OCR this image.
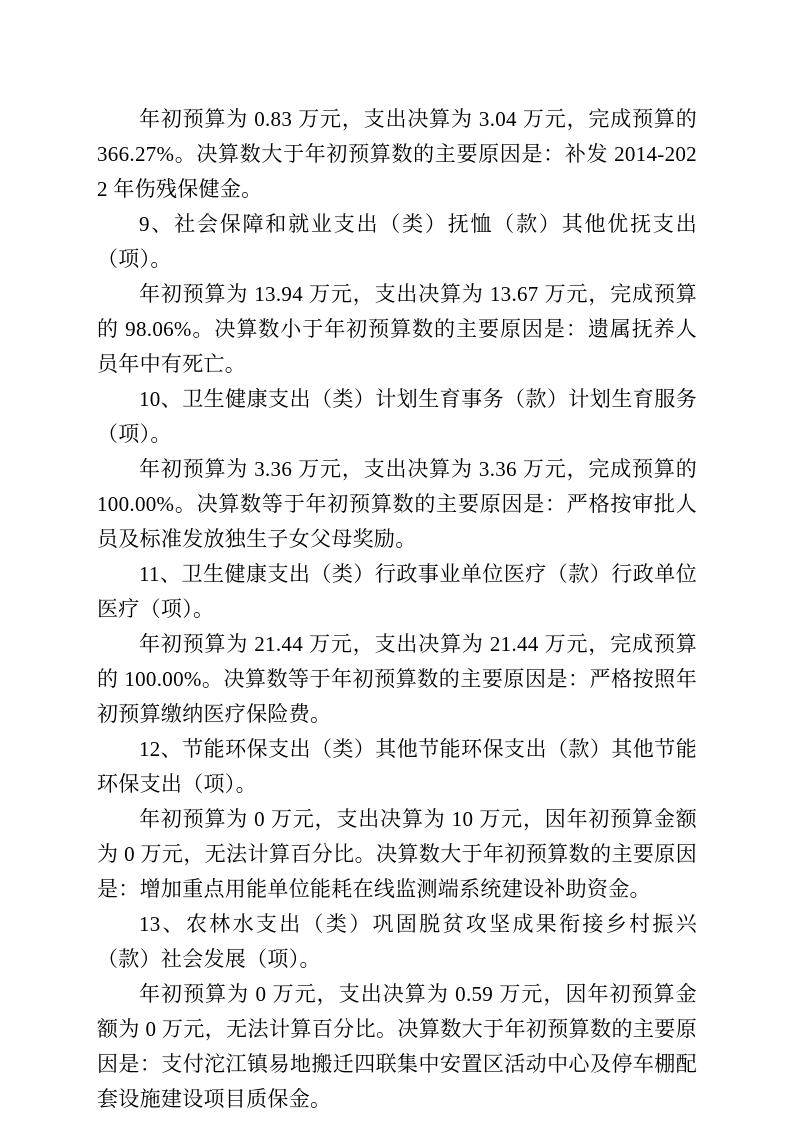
年初预算为 0.83 万元，支出决算为 3.04 万元，完成预算的 366.27%。决算数大于年初预算数的主要原因是：补发 2014-2022 年伤残保健金。

9、社会保障和就业支出（类）抚恤（款）其他优抚支出（项）。

年初预算为 13.94 万元，支出决算为 13.67 万元，完成预算的 98.06%。决算数小于年初预算数的主要原因是：遗属抚养人员年中有死亡。

10、卫生健康支出（类）计划生育事务（款）计划生育服务（项）。

年初预算为 3.36 万元，支出决算为 3.36 万元，完成预算的 100.00%。决算数等于年初预算数的主要原因是：严格按审批人员及标准发放独生子女父母奖励。

11、卫生健康支出（类）行政事业单位医疗（款）行政单位医疗（项）。

年初预算为 21.44 万元，支出决算为 21.44 万元，完成预算的 100.00%。决算数等于年初预算数的主要原因是：严格按照年初预算缴纳医疗保险费。

12、节能环保支出（类）其他节能环保支出（款）其他节能环保支出（项）。

年初预算为 0 万元，支出决算为 10 万元，因年初预算金额为 0 万元，无法计算百分比。决算数大于年初预算数的主要原因是：增加重点用能单位能耗在线监测端系统建设补助资金。

13、农林水支出（类）巩固脱贫攻坚成果衔接乡村振兴（款）社会发展（项）。

年初预算为 0 万元，支出决算为 0.59 万元，因年初预算金额为 0 万元，无法计算百分比。决算数大于年初预算数的主要原因是：支付沱江镇易地搬迁四联集中安置区活动中心及停车棚配套设施建设项目质保金。
